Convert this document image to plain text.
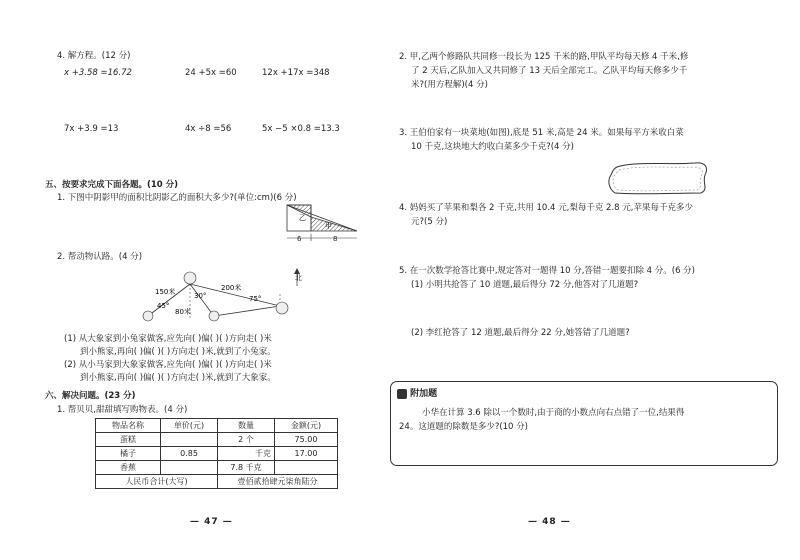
4. 解方程。(12 分)
x +3.58 =16.72	24 +5x =60	12x +17x =348
7x +3.9 =13	4x ÷8 =56	5x −5 ×0.8 =13.3
五、按要求完成下面各题。(10 分)
1. 下图中阴影甲的面积比阴影乙的面积大多少?(单位:cm)(6 分)
乙
甲
6	8
2. 帮动物认路。(4 分)
150米	200米
80米
45°
30°	75°
北
(1) 从大象家到小兔家做客,应先向( )偏( )( )方向走( )米
到小熊家,再向( )偏( )( )方向走( )米,就到了小兔家。
(2) 从小马家到大象家做客,应先向( )偏( )( )方向走( )米
到小熊家,再向( )偏( )( )方向走( )米,就到了大象家。
六、解决问题。(23 分)
1. 帮贝贝,甜甜填写购物表。(4 分)
物品名称	单价(元)	数量	金额(元)
蛋糕		2 个	75.00
橘子	0.85	千克	17.00
香蕉		7.8 千克	
人民币合计(大写)		壹佰贰拾肆元柒角陆分	
— 47 —
2. 甲,乙两个修路队共同修一段长为 125 千米的路,甲队平均每天修 4 千米,修
了 2 天后,乙队加入又共同修了 13 天后全部完工。乙队平均每天修多少千
米?(用方程解)(4 分)
3. 王伯伯家有一块菜地(如图),底是 51 米,高是 24 米。如果每平方米收白菜
10 千克,这块地大约收白菜多少千克?(4 分)
4. 妈妈买了苹果和梨各 2 千克,共用 10.4 元,梨每千克 2.8 元,苹果每千克多少
元?(5 分)
5. 在一次数学抢答比赛中,规定答对一题得 10 分,答错一题要扣除 4 分。(6 分)
(1) 小明共抢答了 10 道题,最后得分 72 分,他答对了几道题?
(2) 李红抢答了 12 道题,最后得分 22 分,她答错了几道题?
附加题
小华在计算 3.6 除以一个数时,由于商的小数点向右点错了一位,结果得
24。这道题的除数是多少?(10 分)
— 48 —
